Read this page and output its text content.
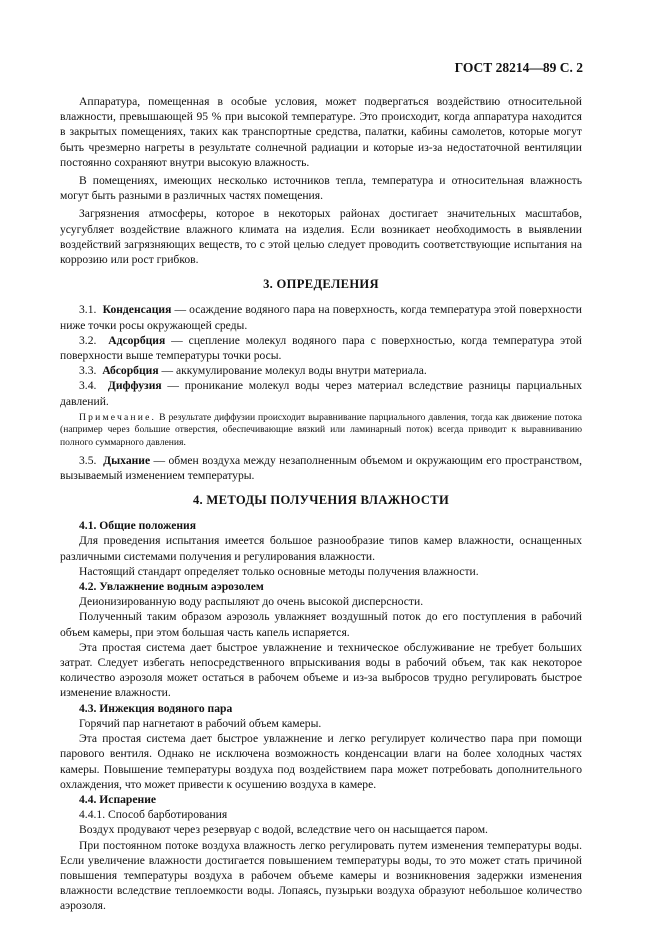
ГОСТ 28214—89 С. 2

Аппаратура, помещенная в особые условия, может подвергаться воздействию относительной влажности, превышающей 95 % при высокой температуре. Это происходит, когда аппаратура находится в закрытых помещениях, таких как транспортные средства, палатки, кабины самолетов, которые могут быть чрезмерно нагреты в результате солнечной радиации и которые из-за недостаточной вентиляции постоянно сохраняют внутри высокую влажность.

В помещениях, имеющих несколько источников тепла, температура и относительная влажность могут быть разными в различных частях помещения.

Загрязнения атмосферы, которое в некоторых районах достигает значительных масштабов, усугубляет воздействие влажного климата на изделия. Если возникает необходимость в выявлении воздействий загрязняющих веществ, то с этой целью следует проводить соответствующие испытания на коррозию или рост грибков.

3. ОПРЕДЕЛЕНИЯ

3.1. Конденсация — осаждение водяного пара на поверхность, когда температура этой поверхности ниже точки росы окружающей среды.

3.2. Адсорбция — сцепление молекул водяного пара с поверхностью, когда температура этой поверхности выше температуры точки росы.

3.3. Абсорбция — аккумулирование молекул воды внутри материала.

3.4. Диффузия — проникание молекул воды через материал вследствие разницы парциальных давлений.

Примечание. В результате диффузии происходит выравнивание парциального давления, тогда как движение потока (например через большие отверстия, обеспечивающие вязкий или ламинарный поток) всегда приводит к выравниванию полного суммарного давления.

3.5. Дыхание — обмен воздуха между незаполненным объемом и окружающим его пространством, вызываемый изменением температуры.

4. МЕТОДЫ ПОЛУЧЕНИЯ ВЛАЖНОСТИ

4.1. Общие положения

Для проведения испытания имеется большое разнообразие типов камер влажности, оснащенных различными системами получения и регулирования влажности.

Настоящий стандарт определяет только основные методы получения влажности.

4.2. Увлажнение водным аэрозолем

Деионизированную воду распыляют до очень высокой дисперсности.

Полученный таким образом аэрозоль увлажняет воздушный поток до его поступления в рабочий объем камеры, при этом большая часть капель испаряется.

Эта простая система дает быстрое увлажнение и техническое обслуживание не требует больших затрат. Следует избегать непосредственного впрыскивания воды в рабочий объем, так как некоторое количество аэрозоля может остаться в рабочем объеме и из-за выбросов трудно регулировать быстрое изменение влажности.

4.3. Инжекция водяного пара

Горячий пар нагнетают в рабочий объем камеры.

Эта простая система дает быстрое увлажнение и легко регулирует количество пара при помощи парового вентиля. Однако не исключена возможность конденсации влаги на более холодных частях камеры. Повышение температуры воздуха под воздействием пара может потребовать дополнительного охлаждения, что может привести к осушению воздуха в камере.

4.4. Испарение

4.4.1. Способ барботирования

Воздух продувают через резервуар с водой, вследствие чего он насыщается паром.

При постоянном потоке воздуха влажность легко регулировать путем изменения температуры воды. Если увеличение влажности достигается повышением температуры воды, то это может стать причиной повышения температуры воздуха в рабочем объеме камеры и возникновения задержки изменения влажности вследствие теплоемкости воды. Лопаясь, пузырьки воздуха образуют небольшое количество аэрозоля.
